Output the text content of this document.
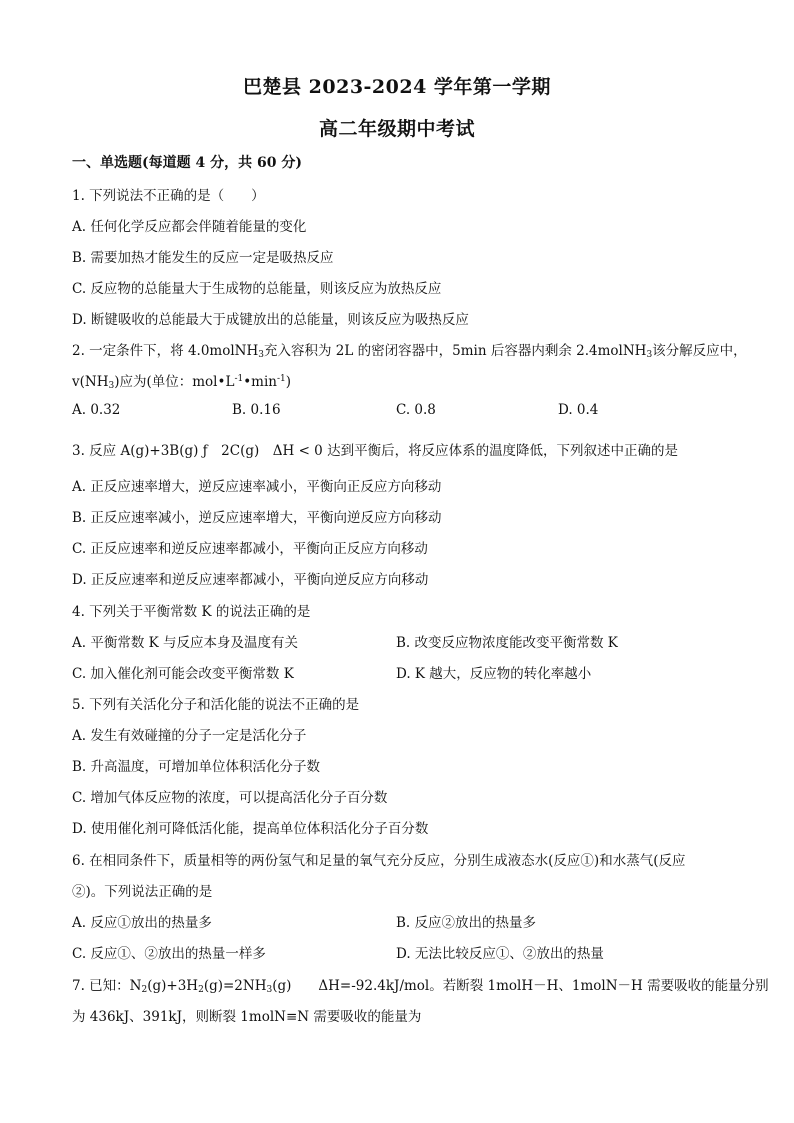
巴楚县 2023-2024 学年第一学期
高二年级期中考试
一、单选题(每道题 4 分，共 60 分)
1. 下列说法不正确的是（　　）
A. 任何化学反应都会伴随着能量的变化
B. 需要加热才能发生的反应一定是吸热反应
C. 反应物的总能量大于生成物的总能量，则该反应为放热反应
D. 断键吸收的总能最大于成键放出的总能量，则该反应为吸热反应
2. 一定条件下，将 4.0molNH$_3$充入容积为 2L 的密闭容器中，5min 后容器内剩余 2.4molNH$_3$该分解反应中，
$v(NH_3)$应为(单位：$mol•L^{-1}•\min^{-1}$)
A. 0.32	B. 0.16	C. 0.8	D. 0.4
3. 反应 A(g)+3B(g) ƒ　2C(g)　ΔH < 0 达到平衡后，将反应体系的温度降低，下列叙述中正确的是
A. 正反应速率增大，逆反应速率减小，平衡向正反应方向移动
B. 正反应速率减小，逆反应速率增大，平衡向逆反应方向移动
C. 正反应速率和逆反应速率都减小，平衡向正反应方向移动
D. 正反应速率和逆反应速率都减小，平衡向逆反应方向移动
4. 下列关于平衡常数 K 的说法正确的是
A. 平衡常数 K 与反应本身及温度有关	B. 改变反应物浓度能改变平衡常数 K
C. 加入催化剂可能会改变平衡常数 K	D. K 越大，反应物的转化率越小
5. 下列有关活化分子和活化能的说法不正确的是
A. 发生有效碰撞的分子一定是活化分子
B. 升高温度，可增加单位体积活化分子数
C. 增加气体反应物的浓度，可以提高活化分子百分数
D. 使用催化剂可降低活化能，提高单位体积活化分子百分数
6. 在相同条件下，质量相等的两份氢气和足量的氧气充分反应，分别生成液态水(反应①)和水蒸气(反应
②)。下列说法正确的是
A. 反应①放出的热量多	B. 反应②放出的热量多
C. 反应①、②放出的热量一样多	D. 无法比较反应①、②放出的热量
7. 已知：$N_2(g)+3H_2(g)=2NH_3(g)$　　ΔH=-92.4kJ/mol。若断裂 1molH－H、1molN－H 需要吸收的能量分别
为 436kJ、391kJ，则断裂 1molN≡N 需要吸收的能量为
